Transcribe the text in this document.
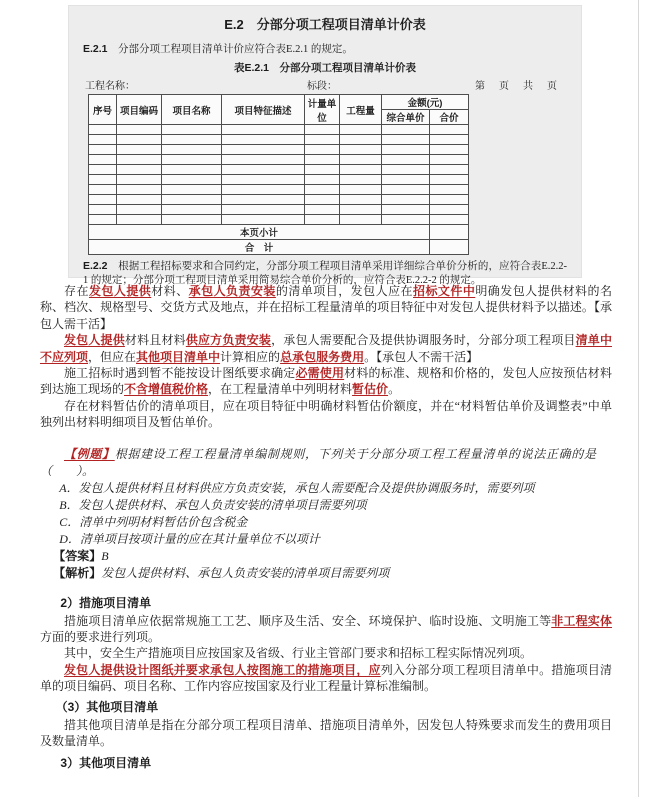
E.2　分部分项工程项目清单计价表

E.2.1　 分部分项工程项目清单计价应符合表E.2.1 的规定。

表E.2.1　分部分项工程项目清单计价表

工程名称：	标段：	第　页　共　页
序号	项目编码	项目名称	项目特征描述	计量单位	工程量	金额(元)	
						综合单价	合价

本页小计							
合　计							

E.2.2　 根据工程招标要求和合同约定，分部分项工程项目清单采用详细综合单价分析的，应符合表E.2.2-1 的规定；分部分项工程项目清单采用简易综合单价分析的，应符合表E.2.2-2 的规定。

存在发包人提供材料、承包人负责安装的清单项目，发包人应在招标文件中明确发包人提供材料的名称、档次、规格型号、交货方式及地点，并在招标工程量清单的项目特征中对发包人提供材料予以描述。【承包人需干活】

发包人提供材料且材料供应方负责安装，承包人需要配合及提供协调服务时，分部分项工程项目清单中不应列项，但应在其他项目清单中计算相应的总承包服务费用。【承包人不需干活】

施工招标时遇到暂不能按设计图纸要求确定必需使用材料的标准、规格和价格的，发包人应按预估材料到达施工现场的不含增值税价格，在工程量清单中列明材料暂估价。

存在材料暂估价的清单项目，应在项目特征中明确材料暂估价额度，并在“材料暂估单价及调整表”中单独列出材料明细项目及暂估单价。

【例题】根据建设工程工程量清单编制规则，下列关于分部分项工程工程量清单的说法正确的是（　　）。

A．发包人提供材料且材料供应方负责安装，承包人需要配合及提供协调服务时，需要列项

B．发包人提供材料、承包人负责安装的清单项目需要列项

C．清单中列明材料暂估价包含税金

D．清单项目按项计量的应在其计量单位不以项计

【答案】B

【解析】发包人提供材料、承包人负责安装的清单项目需要列项

2）措施项目清单

措施项目清单应依据常规施工工艺、顺序及生活、安全、环境保护、临时设施、文明施工等非工程实体方面的要求进行列项。

其中，安全生产措施项目应按国家及省级、行业主管部门要求和招标工程实际情况列项。

发包人提供设计图纸并要求承包人按图施工的措施项目，应列入分部分项工程项目清单中。措施项目清单的项目编码、项目名称、工作内容应按国家及行业工程量计算标准编制。

（3）其他项目清单

措其他项目清单是指在分部分项工程项目清单、措施项目清单外，因发包人特殊要求而发生的费用项目及数量清单。

3）其他项目清单
